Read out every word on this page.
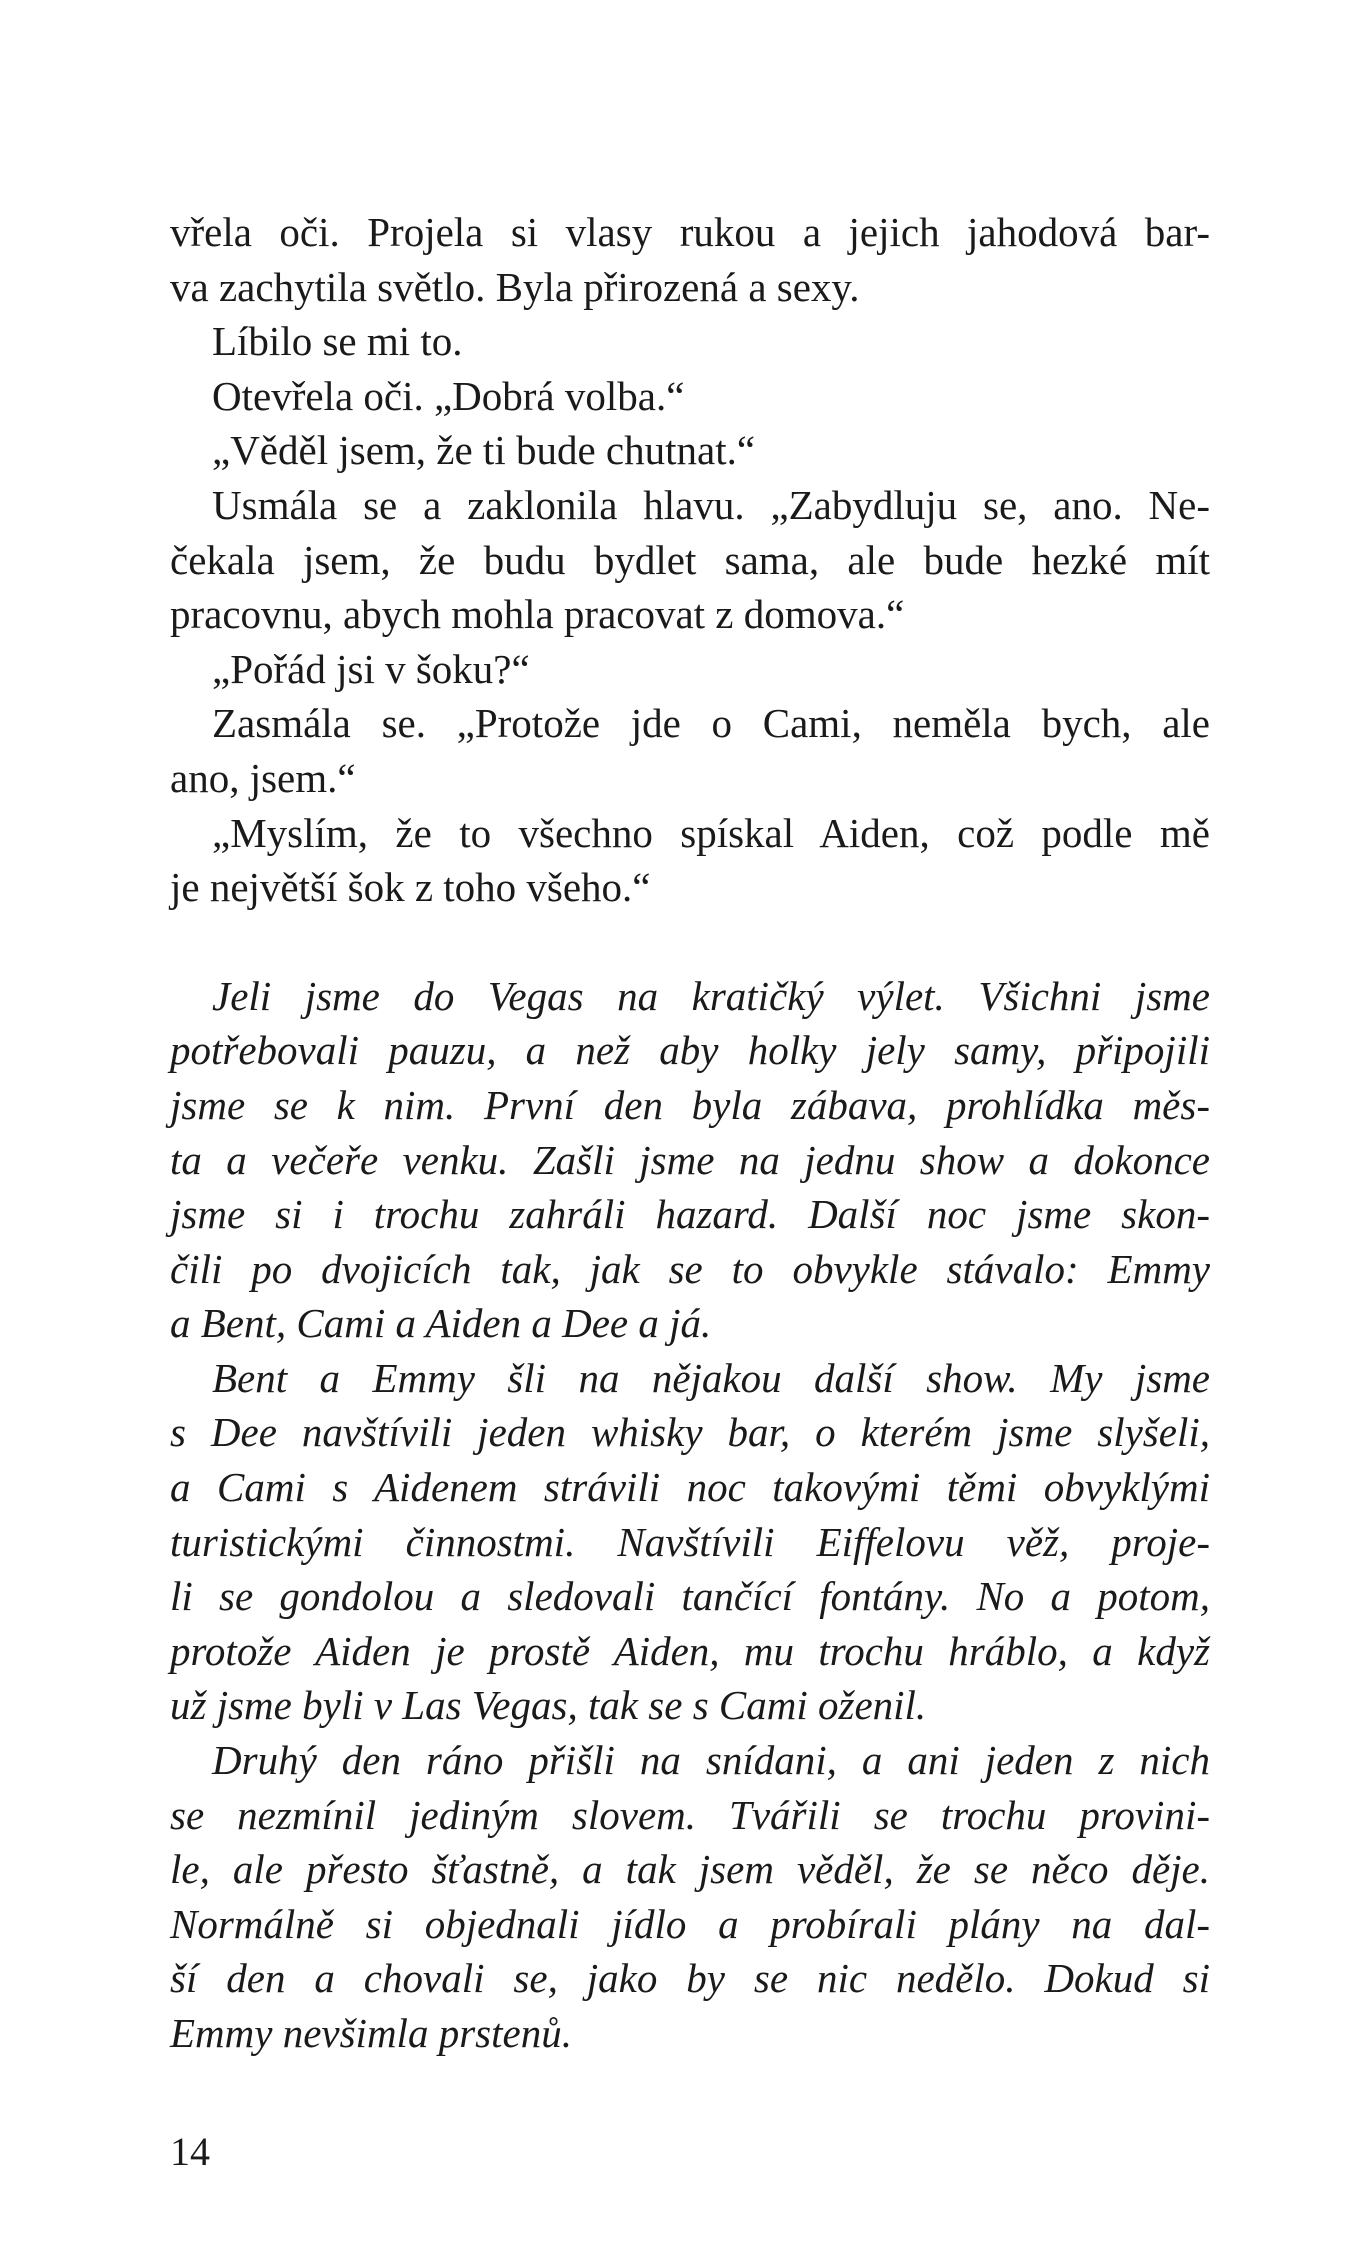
vřela oči. Projela si vlasy rukou a jejich jahodová bar-
va zachytila světlo. Byla přirozená a sexy.
Líbilo se mi to.
Otevřela oči. „Dobrá volba.“
„Věděl jsem, že ti bude chutnat.“
Usmála se a zaklonila hlavu. „Zabydluju se, ano. Ne-
čekala jsem, že budu bydlet sama, ale bude hezké mít
pracovnu, abych mohla pracovat z domova.“
„Pořád jsi v šoku?“
Zasmála se. „Protože jde o Cami, neměla bych, ale
ano, jsem.“
„Myslím, že to všechno spískal Aiden, což podle mě
je největší šok z toho všeho.“
Jeli jsme do Vegas na kratičký výlet. Všichni jsme
potřebovali pauzu, a než aby holky jely samy, připojili
jsme se k nim. První den byla zábava, prohlídka měs-
ta a večeře venku. Zašli jsme na jednu show a dokonce
jsme si i trochu zahráli hazard. Další noc jsme skon-
čili po dvojicích tak, jak se to obvykle stávalo: Emmy
a Bent, Cami a Aiden a Dee a já.
Bent a Emmy šli na nějakou další show. My jsme
s Dee navštívili jeden whisky bar, o kterém jsme slyšeli,
a Cami s Aidenem strávili noc takovými těmi obvyklými
turistickými činnostmi. Navštívili Eiffelovu věž, proje-
li se gondolou a sledovali tančící fontány. No a potom,
protože Aiden je prostě Aiden, mu trochu hráblo, a když
už jsme byli v Las Vegas, tak se s Cami oženil.
Druhý den ráno přišli na snídani, a ani jeden z nich
se nezmínil jediným slovem. Tvářili se trochu provini-
le, ale přesto šťastně, a tak jsem věděl, že se něco děje.
Normálně si objednali jídlo a probírali plány na dal-
ší den a chovali se, jako by se nic nedělo. Dokud si
Emmy nevšimla prstenů.
14
